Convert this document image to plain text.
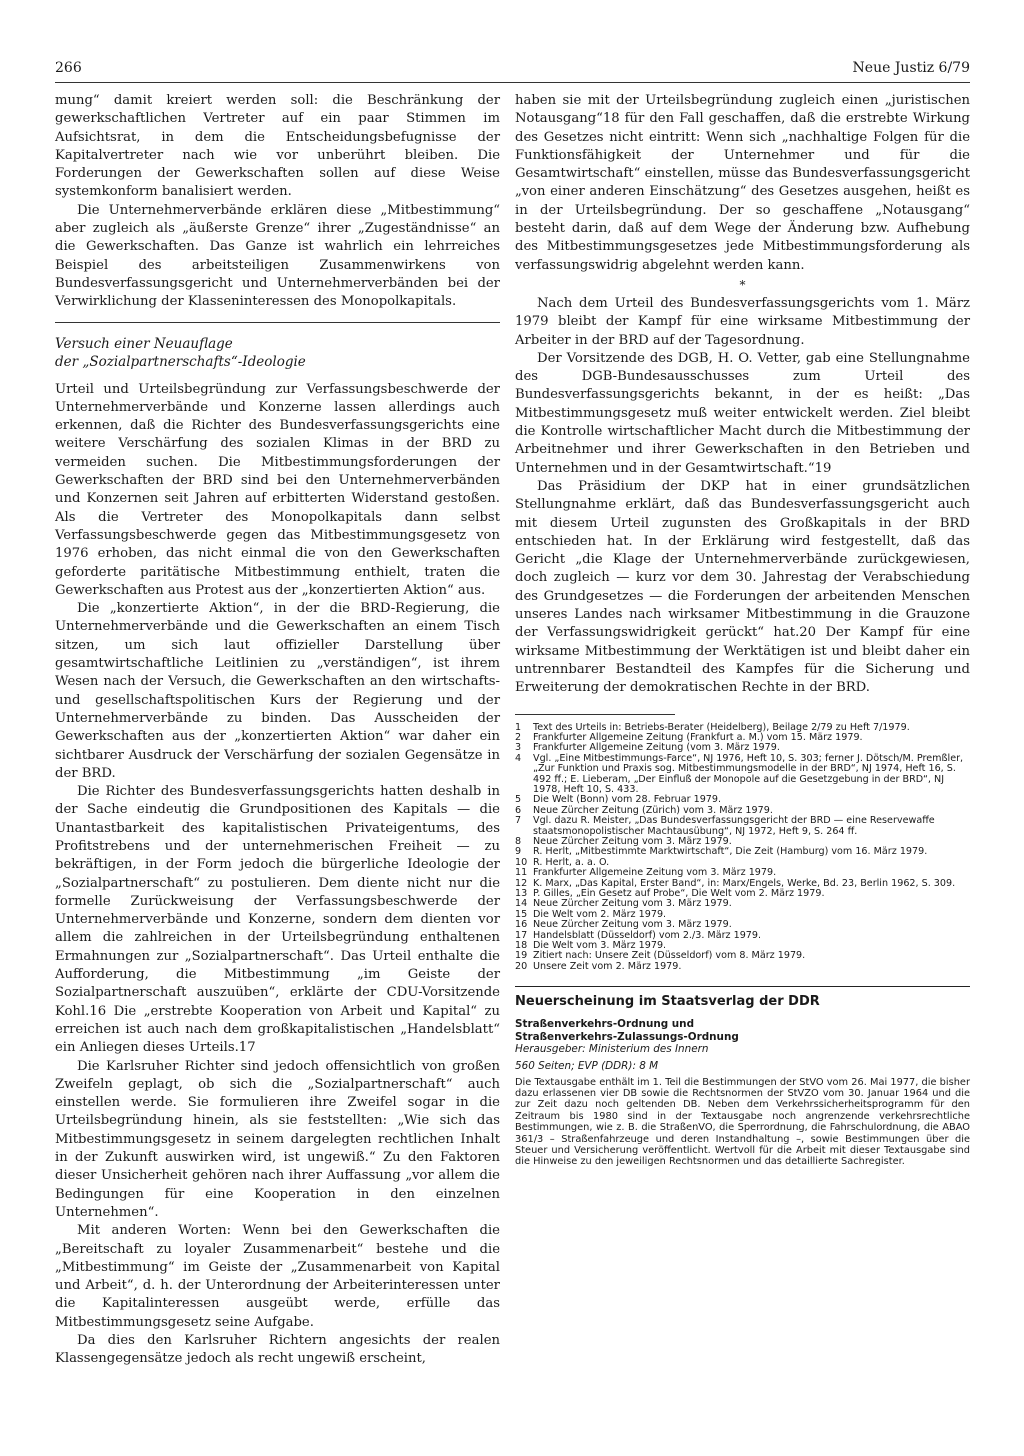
266	Neue Justiz 6/79

mung“ damit kreiert werden soll: die Beschränkung der gewerkschaftlichen Vertreter auf ein paar Stimmen im Aufsichtsrat, in dem die Entscheidungsbefugnisse der Kapitalvertreter nach wie vor unberührt bleiben. Die Forderungen der Gewerkschaften sollen auf diese Weise systemkonform banalisiert werden.

Die Unternehmerverbände erklären diese „Mitbestimmung“ aber zugleich als „äußerste Grenze“ ihrer „Zugeständnisse“ an die Gewerkschaften. Das Ganze ist wahrlich ein lehrreiches Beispiel des arbeitsteiligen Zusammenwirkens von Bundesverfassungsgericht und Unternehmerverbänden bei der Verwirklichung der Klasseninteressen des Monopolkapitals.

Versuch einer Neuauflage
der „Sozialpartnerschafts“-Ideologie

Urteil und Urteilsbegründung zur Verfassungsbeschwerde der Unternehmerverbände und Konzerne lassen allerdings auch erkennen, daß die Richter des Bundesverfassungsgerichts eine weitere Verschärfung des sozialen Klimas in der BRD zu vermeiden suchen. Die Mitbestimmungsforderungen der Gewerkschaften der BRD sind bei den Unternehmerverbänden und Konzernen seit Jahren auf erbitterten Widerstand gestoßen. Als die Vertreter des Monopolkapitals dann selbst Verfassungsbeschwerde gegen das Mitbestimmungsgesetz von 1976 erhoben, das nicht einmal die von den Gewerkschaften geforderte paritätische Mitbestimmung enthielt, traten die Gewerkschaften aus Protest aus der „konzertierten Aktion“ aus.

Die „konzertierte Aktion“, in der die BRD-Regierung, die Unternehmerverbände und die Gewerkschaften an einem Tisch sitzen, um sich laut offizieller Darstellung über gesamtwirtschaftliche Leitlinien zu „verständigen“, ist ihrem Wesen nach der Versuch, die Gewerkschaften an den wirtschafts- und gesellschaftspolitischen Kurs der Regierung und der Unternehmerverbände zu binden. Das Ausscheiden der Gewerkschaften aus der „konzertierten Aktion“ war daher ein sichtbarer Ausdruck der Verschärfung der sozialen Gegensätze in der BRD.

Die Richter des Bundesverfassungsgerichts hatten deshalb in der Sache eindeutig die Grundpositionen des Kapitals — die Unantastbarkeit des kapitalistischen Privateigentums, des Profitstrebens und der unternehmerischen Freiheit — zu bekräftigen, in der Form jedoch die bürgerliche Ideologie der „Sozialpartnerschaft“ zu postulieren. Dem diente nicht nur die formelle Zurückweisung der Verfassungsbeschwerde der Unternehmerverbände und Konzerne, sondern dem dienten vor allem die zahlreichen in der Urteilsbegründung enthaltenen Ermahnungen zur „Sozialpartnerschaft“. Das Urteil enthalte die Aufforderung, die Mitbestimmung „im Geiste der Sozialpartnerschaft auszuüben“, erklärte der CDU-Vorsitzende Kohl.16 Die „erstrebte Kooperation von Arbeit und Kapital“ zu erreichen ist auch nach dem großkapitalistischen „Handelsblatt“ ein Anliegen dieses Urteils.17

Die Karlsruher Richter sind jedoch offensichtlich von großen Zweifeln geplagt, ob sich die „Sozialpartnerschaft“ auch einstellen werde. Sie formulieren ihre Zweifel sogar in die Urteilsbegründung hinein, als sie feststellten: „Wie sich das Mitbestimmungsgesetz in seinem dargelegten rechtlichen Inhalt in der Zukunft auswirken wird, ist ungewiß.“ Zu den Faktoren dieser Unsicherheit gehören nach ihrer Auffassung „vor allem die Bedingungen für eine Kooperation in den einzelnen Unternehmen“.

Mit anderen Worten: Wenn bei den Gewerkschaften die „Bereitschaft zu loyaler Zusammenarbeit“ bestehe und die „Mitbestimmung“ im Geiste der „Zusammenarbeit von Kapital und Arbeit“, d. h. der Unterordnung der Arbeiterinteressen unter die Kapitalinteressen ausgeübt werde, erfülle das Mitbestimmungsgesetz seine Aufgabe.

Da dies den Karlsruher Richtern angesichts der realen Klassengegensätze jedoch als recht ungewiß erscheint,

haben sie mit der Urteilsbegründung zugleich einen „juristischen Notausgang“18 für den Fall geschaffen, daß die erstrebte Wirkung des Gesetzes nicht eintritt: Wenn sich „nachhaltige Folgen für die Funktionsfähigkeit der Unternehmer und für die Gesamtwirtschaft“ einstellen, müsse das Bundesverfassungsgericht „von einer anderen Einschätzung“ des Gesetzes ausgehen, heißt es in der Urteilsbegründung. Der so geschaffene „Notausgang“ besteht darin, daß auf dem Wege der Änderung bzw. Aufhebung des Mitbestimmungsgesetzes jede Mitbestimmungsforderung als verfassungswidrig abgelehnt werden kann.

*

Nach dem Urteil des Bundesverfassungsgerichts vom 1. März 1979 bleibt der Kampf für eine wirksame Mitbestimmung der Arbeiter in der BRD auf der Tagesordnung.

Der Vorsitzende des DGB, H. O. Vetter, gab eine Stellungnahme des DGB-Bundesausschusses zum Urteil des Bundesverfassungsgerichts bekannt, in der es heißt: „Das Mitbestimmungsgesetz muß weiter entwickelt werden. Ziel bleibt die Kontrolle wirtschaftlicher Macht durch die Mitbestimmung der Arbeitnehmer und ihrer Gewerkschaften in den Betrieben und Unternehmen und in der Gesamtwirtschaft.“19

Das Präsidium der DKP hat in einer grundsätzlichen Stellungnahme erklärt, daß das Bundesverfassungsgericht auch mit diesem Urteil zugunsten des Großkapitals in der BRD entschieden hat. In der Erklärung wird festgestellt, daß das Gericht „die Klage der Unternehmerverbände zurückgewiesen, doch zugleich — kurz vor dem 30. Jahrestag der Verabschiedung des Grundgesetzes — die Forderungen der arbeitenden Menschen unseres Landes nach wirksamer Mitbestimmung in die Grauzone der Verfassungswidrigkeit gerückt“ hat.20 Der Kampf für eine wirksame Mitbestimmung der Werktätigen ist und bleibt daher ein untrennbarer Bestandteil des Kampfes für die Sicherung und Erweiterung der demokratischen Rechte in der BRD.

1	Text des Urteils in: Betriebs-Berater (Heidelberg), Beilage 2/79 zu Heft 7/1979.
2	Frankfurter Allgemeine Zeitung (Frankfurt a. M.) vom 15. März 1979.
3	Frankfurter Allgemeine Zeitung (vom 3. März 1979.
4	Vgl. „Eine Mitbestimmungs-Farce“, NJ 1976, Heft 10, S. 303; ferner J. Dötsch/M. Premßler, „Zur Funktion und Praxis sog. Mitbestimmungsmodelle in der BRD“, NJ 1974, Heft 16, S. 492 ff.; E. Lieberam, „Der Einfluß der Monopole auf die Gesetzgebung in der BRD“, NJ 1978, Heft 10, S. 433.
5	Die Welt (Bonn) vom 28. Februar 1979.
6	Neue Zürcher Zeitung (Zürich) vom 3. März 1979.
7	Vgl. dazu R. Meister, „Das Bundesverfassungsgericht der BRD — eine Reservewaffe staatsmonopolistischer Machtausübung“, NJ 1972, Heft 9, S. 264 ff.
8	Neue Zürcher Zeitung vom 3. März 1979.
9	R. Herlt, „Mitbestimmte Marktwirtschaft“, Die Zeit (Hamburg) vom 16. März 1979.
10 R. Herlt, a. a. O.
11 Frankfurter Allgemeine Zeitung vom 3. März 1979.
12 K. Marx, „Das Kapital, Erster Band“, in: Marx/Engels, Werke, Bd. 23, Berlin 1962, S. 309.
13 P. Gilles, „Ein Gesetz auf Probe“, Die Welt vom 2. März 1979.
14 Neue Zürcher Zeitung vom 3. März 1979.
15 Die Welt vom 2. März 1979.
16 Neue Zürcher Zeitung vom 3. März 1979.
17 Handelsblatt (Düsseldorf) vom 2./3. März 1979.
18 Die Welt vom 3. März 1979.
19 Zitiert nach: Unsere Zeit (Düsseldorf) vom 8. März 1979.
20 Unsere Zeit vom 2. März 1979.
Neuerscheinung im Staatsverlag der DDR
Straßenverkehrs-Ordnung und
Straßenverkehrs-Zulassungs-Ordnung
Herausgeber: Ministerium des Innern
560 Seiten; EVP (DDR): 8 M
Die Textausgabe enthält im 1. Teil die Bestimmungen der StVO vom 26. Mai 1977, die bisher dazu erlassenen vier DB sowie die Rechtsnormen der StVZO vom 30. Januar 1964 und die zur Zeit dazu noch geltenden DB. Neben dem Verkehrssicherheitsprogramm für den Zeitraum bis 1980 sind in der Textausgabe noch angrenzende verkehrsrechtliche Bestimmungen, wie z. B. die StraßenVO, die Sperrordnung, die Fahrschulordnung, die ABAO 361/3 – Straßenfahrzeuge und deren Instandhaltung –, sowie Bestimmungen über die Steuer und Versicherung veröffentlicht. Wertvoll für die Arbeit mit dieser Textausgabe sind die Hinweise zu den jeweiligen Rechtsnormen und das detaillierte Sachregister.
